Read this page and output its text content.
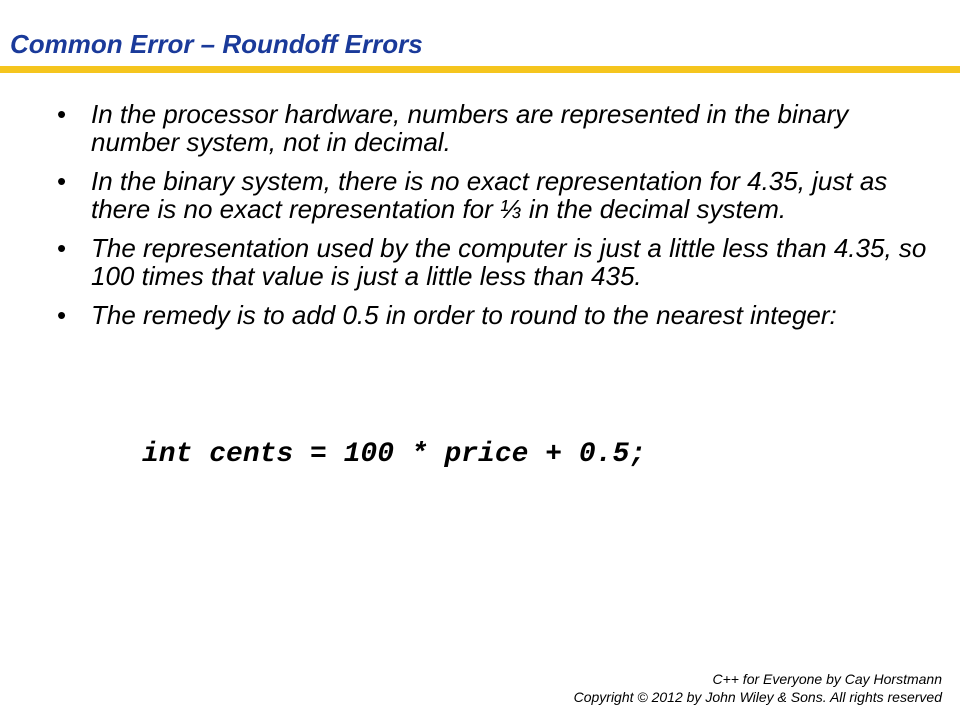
Common Error – Roundoff Errors
• In the processor hardware, numbers are represented in the binary number system, not in decimal.
• In the binary system, there is no exact representation for 4.35, just as there is no exact representation for ⅓ in the decimal system.
• The representation used by the computer is just a little less than 4.35, so 100 times that value is just a little less than 435.
• The remedy is to add 0.5 in order to round to the nearest integer:
int cents = 100 * price + 0.5;
C++ for Everyone by Cay Horstmann
Copyright © 2012 by John Wiley & Sons. All rights reserved
